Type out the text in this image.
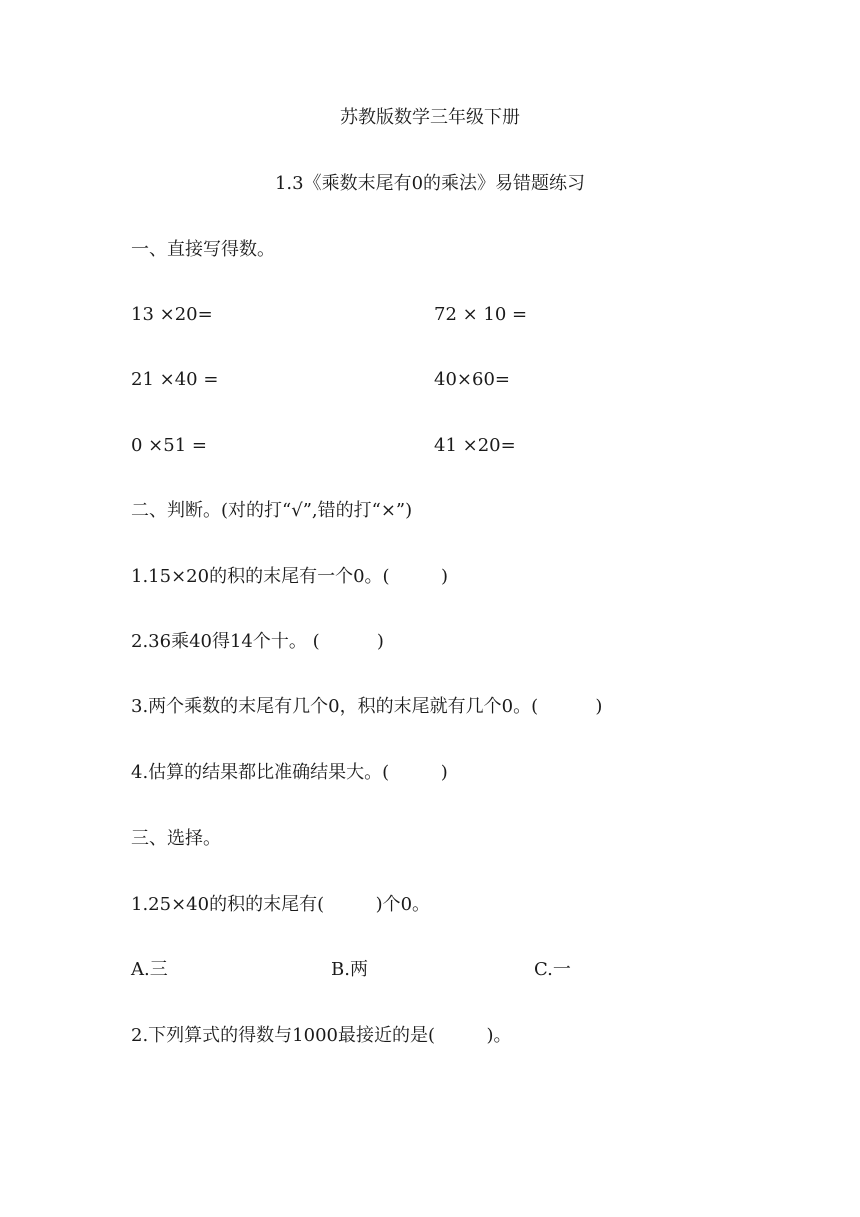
苏教版数学三年级下册
1.3《乘数末尾有0的乘法》易错题练习
一、直接写得数。
13 ×20=	72 × 10 =
21 ×40 =	40×60=
0 ×51 =	41 ×20=
二、判断。(对的打“√”,错的打“×”)
1.15×20的积的末尾有一个0。(         )
2.36乘40得14个十。 (          )
3.两个乘数的末尾有几个0，积的末尾就有几个0。(          )
4.估算的结果都比准确结果大。(         )
三、选择。
1.25×40的积的末尾有(         )个0。
A.三	B.两	C.一
2.下列算式的得数与1000最接近的是(         )。
